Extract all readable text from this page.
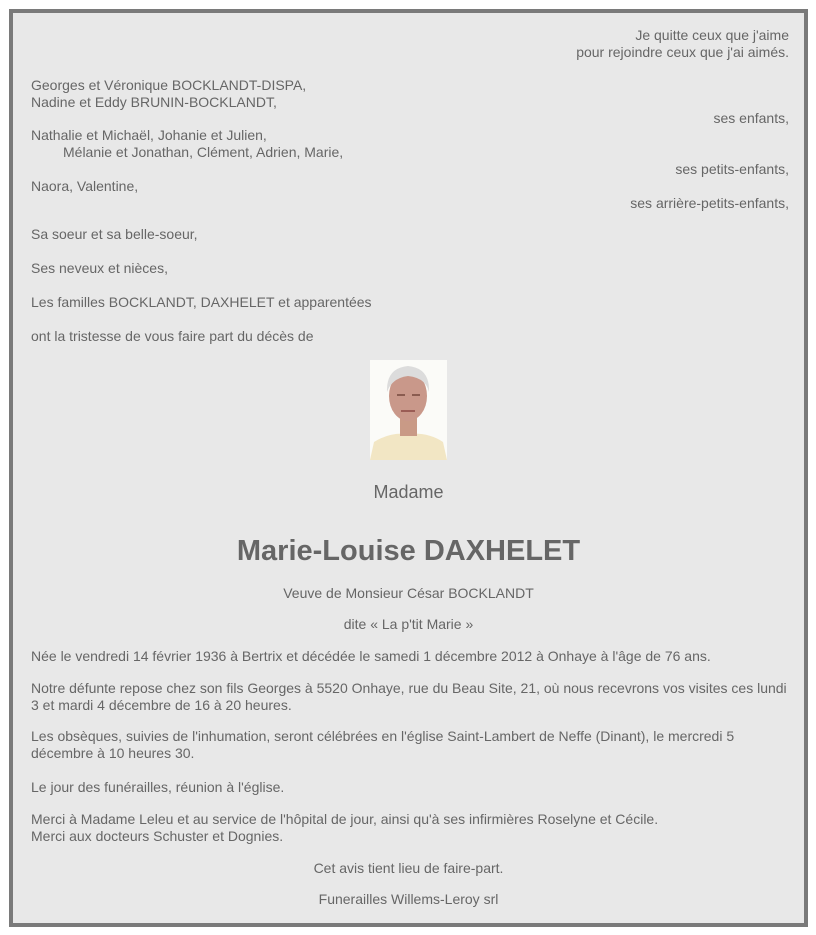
Je quitte ceux que j'aime
pour rejoindre ceux que j'ai aimés.
Georges et Véronique BOCKLANDT-DISPA,
Nadine et Eddy BRUNIN-BOCKLANDT,
ses enfants,
Nathalie et Michaël, Johanie et Julien,
Mélanie et Jonathan, Clément, Adrien, Marie,
ses petits-enfants,
Naora, Valentine,
ses arrière-petits-enfants,
Sa soeur et sa belle-soeur,
Ses neveux et nièces,
Les familles BOCKLANDT, DAXHELET et apparentées
ont la tristesse de vous faire part du décès de
Madame
Marie-Louise DAXHELET
Veuve de Monsieur César BOCKLANDT
dite « La p'tit Marie »
Née le vendredi 14 février 1936 à Bertrix et décédée le samedi 1 décembre 2012 à Onhaye à l'âge de 76 ans.
Notre défunte repose chez son fils Georges à 5520 Onhaye, rue du Beau Site, 21, où nous recevrons vos visites ces lundi 3 et mardi 4 décembre de 16 à 20 heures.
Les obsèques, suivies de l'inhumation, seront célébrées en l'église Saint-Lambert de Neffe (Dinant), le mercredi 5 décembre à 10 heures 30.
Le jour des funérailles, réunion à l'église.
Merci à Madame Leleu et au service de l'hôpital de jour, ainsi qu'à ses infirmières Roselyne et Cécile.
Merci aux docteurs Schuster et Dognies.
Cet avis tient lieu de faire-part.
Funerailles Willems-Leroy srl
